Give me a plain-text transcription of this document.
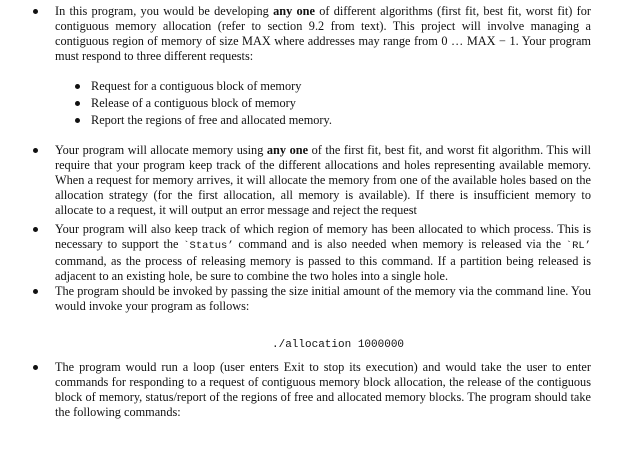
In this program, you would be developing any one of different algorithms (first fit, best fit, worst fit) for contiguous memory allocation (refer to section 9.2 from text). This project will involve managing a contiguous region of memory of size MAX where addresses may range from 0 … MAX − 1. Your program must respond to three different requests:
Request for a contiguous block of memory
Release of a contiguous block of memory
Report the regions of free and allocated memory.
Your program will allocate memory using any one of the first fit, best fit, and worst fit algorithm. This will require that your program keep track of the different allocations and holes representing available memory. When a request for memory arrives, it will allocate the memory from one of the available holes based on the allocation strategy (for the first allocation, all memory is available). If there is insufficient memory to allocate to a request, it will output an error message and reject the request
Your program will also keep track of which region of memory has been allocated to which process. This is necessary to support the `Status’ command and is also needed when memory is released via the `RL’ command, as the process of releasing memory is passed to this command. If a partition being released is adjacent to an existing hole, be sure to combine the two holes into a single hole.
The program should be invoked by passing the size initial amount of the memory via the command line. You would invoke your program as follows:
./allocation 1000000
The program would run a loop (user enters Exit to stop its execution) and would take the user to enter commands for responding to a request of contiguous memory block allocation, the release of the contiguous block of memory, status/report of the regions of free and allocated memory blocks. The program should take the following commands:
